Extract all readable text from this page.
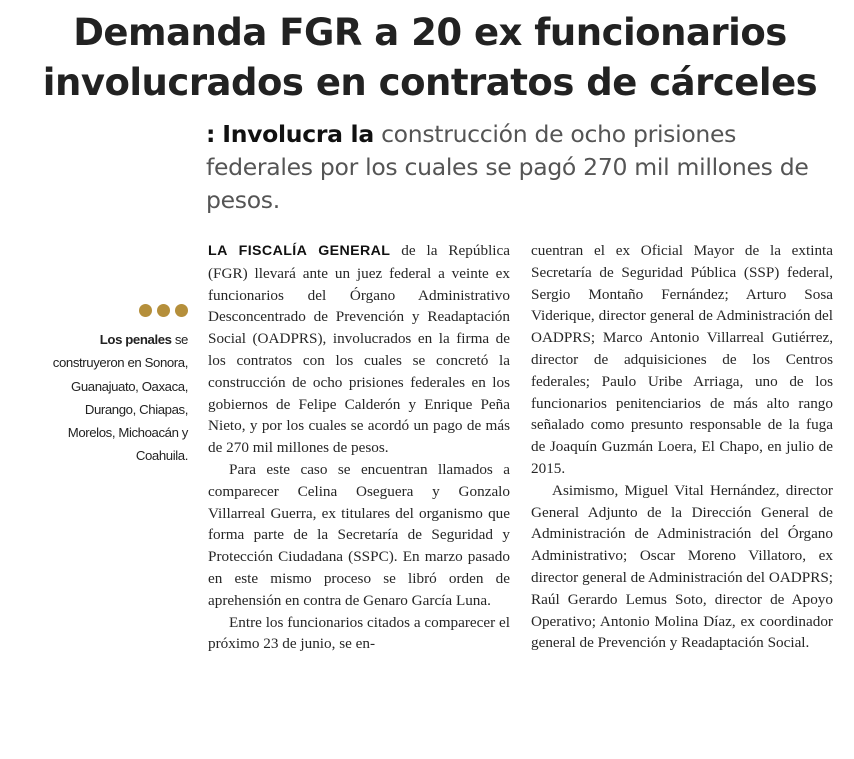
Demanda FGR a 20 ex funcionarios involucrados en contratos de cárceles

: Involucra la construcción de ocho prisiones federales por los cuales se pagó 270 mil millones de pesos.

Los penales se construyeron en Sonora, Guanajuato, Oaxaca, Durango, Chiapas, Morelos, Michoacán y Coahuila.

LA FISCALÍA GENERAL de la República (FGR) llevará ante un juez federal a veinte ex funcionarios del Órgano Administrativo Desconcentrado de Prevención y Readaptación Social (OADPRS), involucrados en la firma de los contratos con los cuales se concretó la construcción de ocho prisiones federales en los gobiernos de Felipe Calderón y Enrique Peña Nieto, y por los cuales se acordó un pago de más de 270 mil millones de pesos.

Para este caso se encuentran llamados a comparecer Celina Oseguera y Gonzalo Villarreal Guerra, ex titulares del organismo que forma parte de la Secretaría de Seguridad y Protección Ciudadana (SSPC). En marzo pasado en este mismo proceso se libró orden de aprehensión en contra de Genaro García Luna.

Entre los funcionarios citados a comparecer el próximo 23 de junio, se en-

cuentran el ex Oficial Mayor de la extinta Secretaría de Seguridad Pública (SSP) federal, Sergio Montaño Fernández; Arturo Sosa Viderique, director general de Administración del OADPRS; Marco Antonio Villarreal Gutiérrez, director de adquisiciones de los Centros federales; Paulo Uribe Arriaga, uno de los funcionarios penitenciarios de más alto rango señalado como presunto responsable de la fuga de Joaquín Guzmán Loera, El Chapo, en julio de 2015.

Asimismo, Miguel Vital Hernández, director General Adjunto de la Dirección General de Administración de Administración del Órgano Administrativo; Oscar Moreno Villatoro, ex director general de Administración del OADPRS; Raúl Gerardo Lemus Soto, director de Apoyo Operativo; Antonio Molina Díaz, ex coordinador general de Prevención y Readaptación Social.
